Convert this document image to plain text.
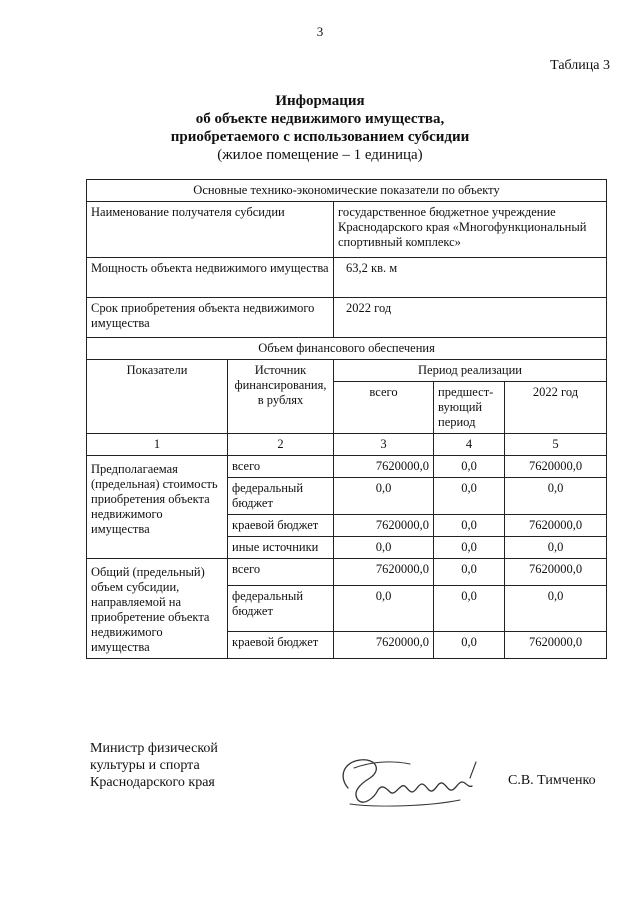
3
Таблица 3
Информация
об объекте недвижимого имущества,
приобретаемого с использованием субсидии
(жилое помещение – 1 единица)
Основные технико-экономические показатели по объекту				
Наименование получателя субсидии		государственное бюджетное учреждение Краснодарского края «Многофункциональный спортивный комплекс»		
Мощность объекта недвижимого имущества		63,2 кв. м		
Срок приобретения объекта недвижимого имущества		2022 год		
Объем финансового обеспечения				
Показатели	Источник финансирования, в рублях	Период реализации		
		всего	предшест-вующий период	2022 год
1	2	3	4	5
Предполагаемая (предельная) стоимость приобретения объекта недвижимого имущества	всего	7620000,0	0,0	7620000,0
	федеральный бюджет	0,0	0,0	0,0
	краевой бюджет	7620000,0	0,0	7620000,0
	иные источники	0,0	0,0	0,0
Общий (предельный) объем субсидии, направляемой на приобретение объекта недвижимого имущества	всего	7620000,0	0,0	7620000,0
	федеральный бюджет	0,0	0,0	0,0
	краевой бюджет	7620000,0	0,0	7620000,0
Министр физической
культуры и спорта
Краснодарского края	С.В. Тимченко
